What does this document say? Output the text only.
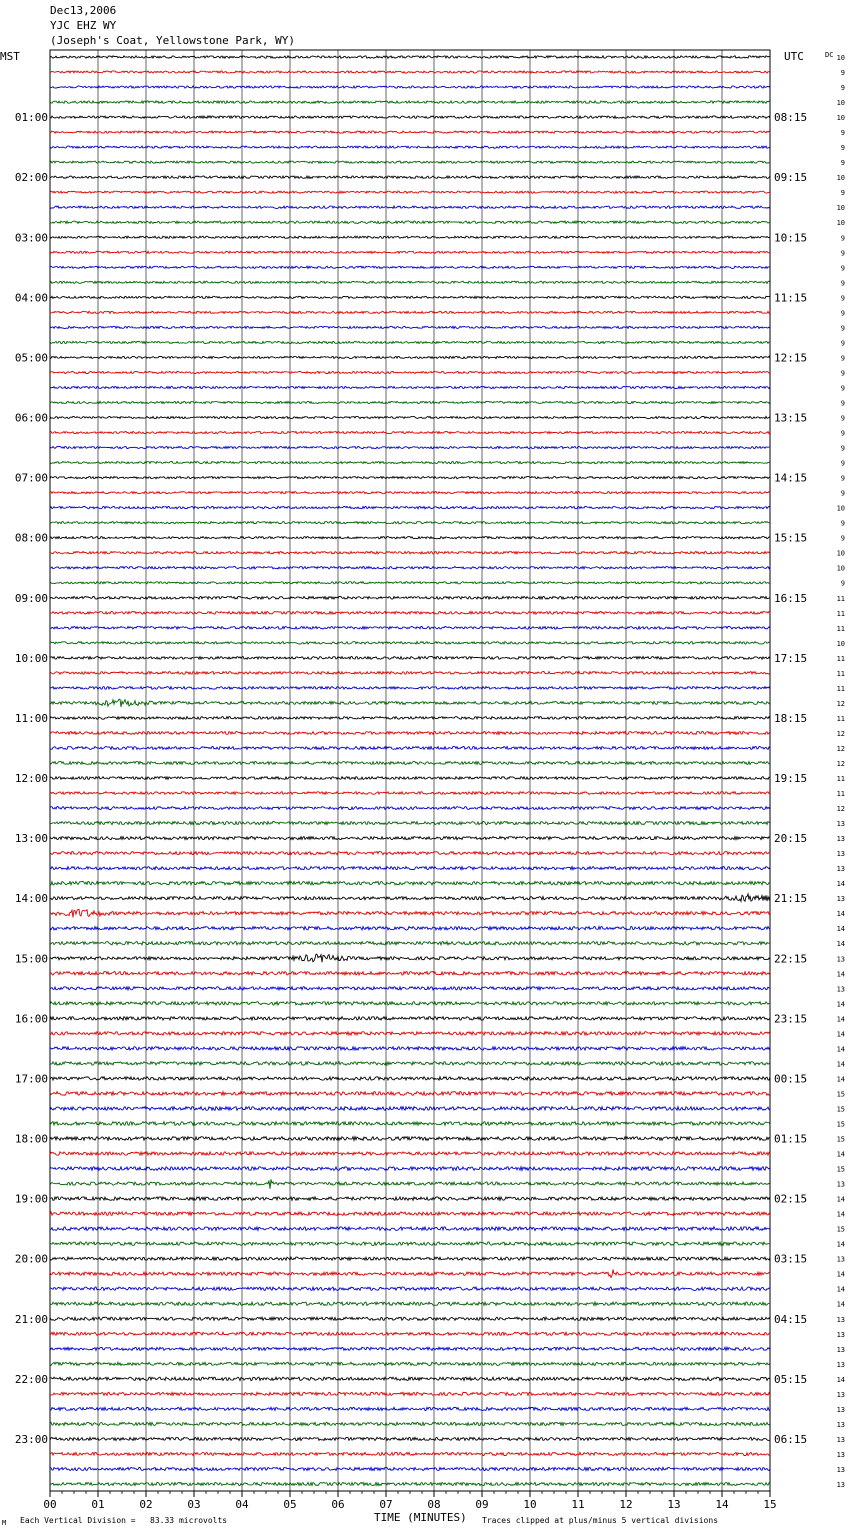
Dec13,2006
YJC EHZ WY
(Joseph's Coat, Yellowstone Park, WY)
MST	UTC	DC 10
9
9
10
10
9
9
9
10
9
10
10
9
9
9
9
9
9
9
9
9
9
9
9
9
9
9
9
9
9
10
9
9
10
10
9
11
11
11
10
11
11
11
12
11
12
12
12
11
11
12
13
13
13
13
14
13
14
14
14
13
14
13
14
14
14
14
14
14
15
15
15
15
14
15
13
14
14
15
14
13
14
14
14
13
13
13
13
14
13
13
13
13
13
13
13
01:00
02:00
03:00
04:00
05:00
06:00
07:00
08:00
09:00
10:00
11:00
12:00
13:00
14:00
15:00
16:00
17:00
18:00
19:00
20:00
21:00
22:00
23:00
08:15
09:15
10:15
11:15
12:15
13:15
14:15
15:15
16:15
17:15
18:15
19:15
20:15
21:15
22:15
23:15
00:15
01:15
02:15
03:15
04:15
05:15
06:15
00	01	02	03	04	05	06	07	08	09	10	11	12	13	14	15
M Each Vertical Division =   83.33 microvolts	TIME (MINUTES) Traces clipped at plus/minus 5 vertical divisions
